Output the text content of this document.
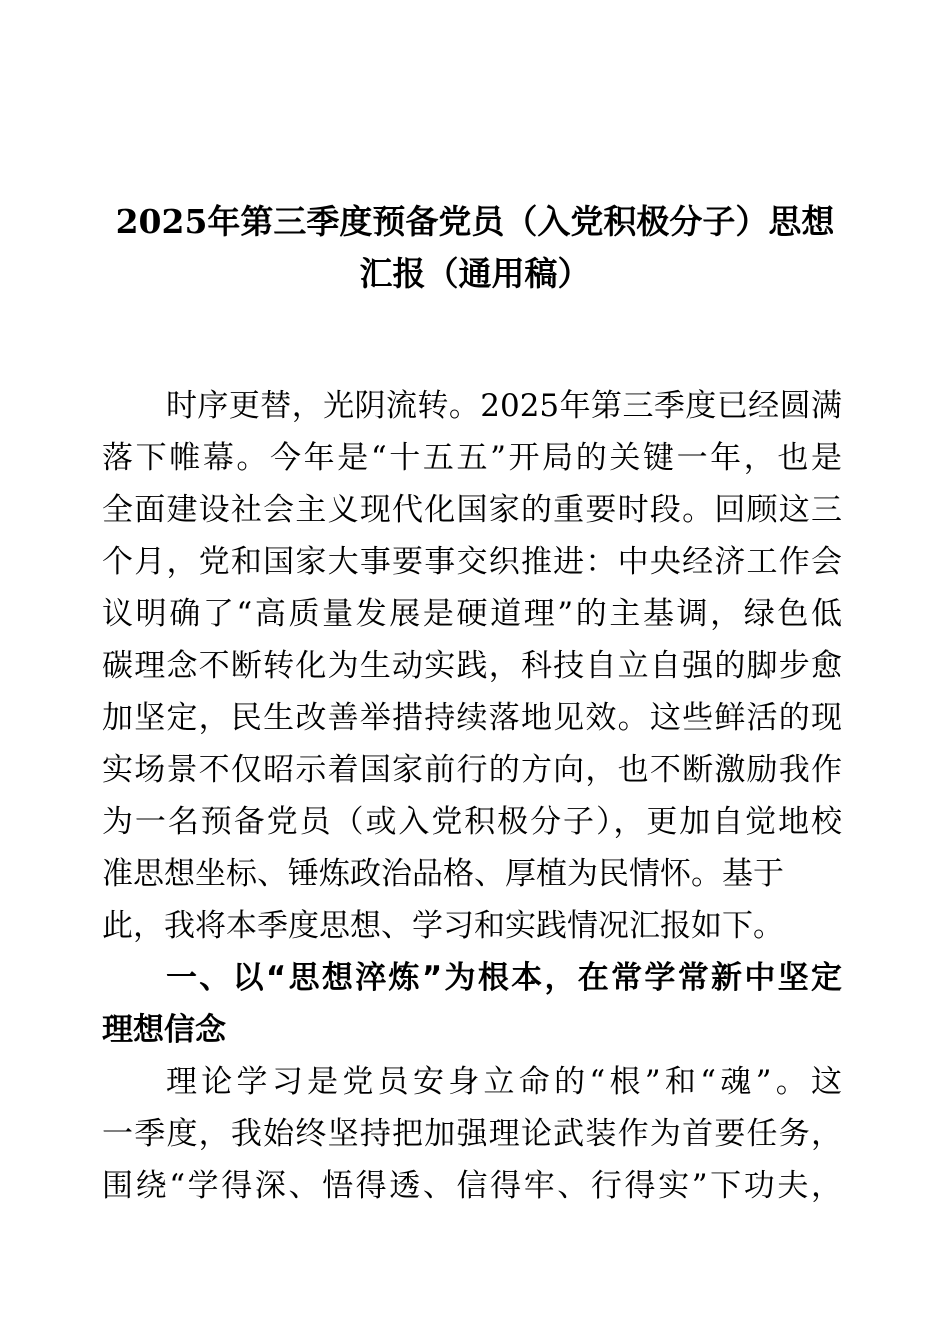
2025年第三季度预备党员（入党积极分子）思想
汇报（通用稿）
时序更替，光阴流转。2025年第三季度已经圆满
落下帷幕。今年是“十五五”开局的关键一年，也是
全面建设社会主义现代化国家的重要时段。回顾这三
个月，党和国家大事要事交织推进：中央经济工作会
议明确了“高质量发展是硬道理”的主基调，绿色低
碳理念不断转化为生动实践，科技自立自强的脚步愈
加坚定，民生改善举措持续落地见效。这些鲜活的现
实场景不仅昭示着国家前行的方向，也不断激励我作
为一名预备党员（或入党积极分子），更加自觉地校
准思想坐标、锤炼政治品格、厚植为民情怀。基于
此，我将本季度思想、学习和实践情况汇报如下。
一、以“思想淬炼”为根本，在常学常新中坚定
理想信念
理论学习是党员安身立命的“根”和“魂”。这
一季度，我始终坚持把加强理论武装作为首要任务，
围绕“学得深、悟得透、信得牢、行得实”下功夫，
